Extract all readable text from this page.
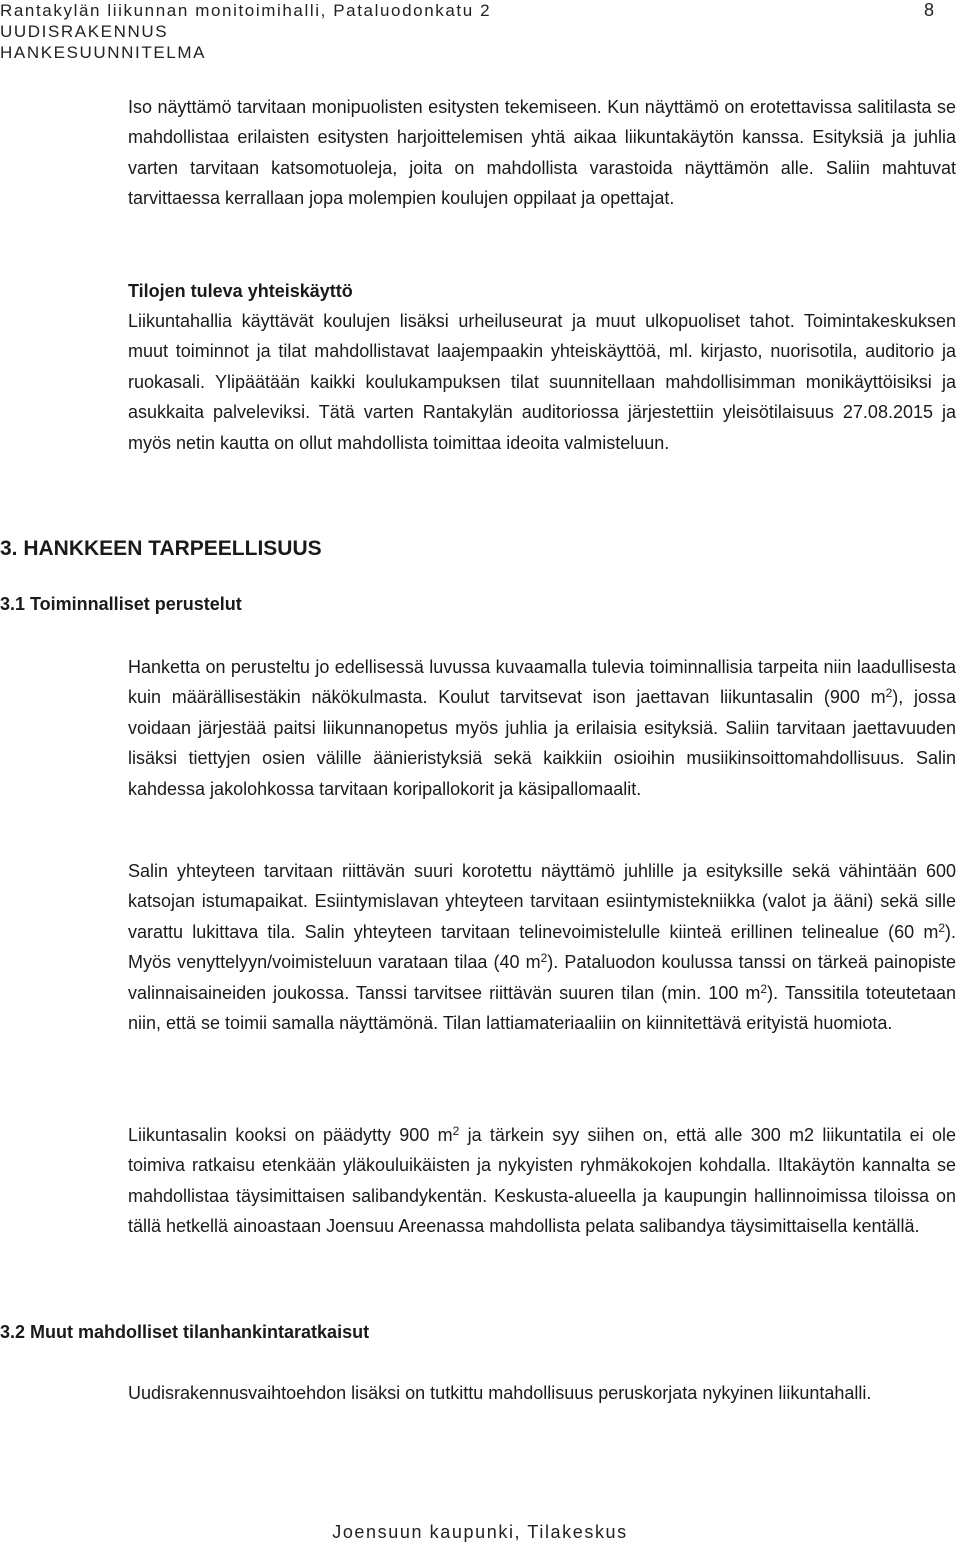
Rantakylän liikunnan monitoimihalli, Pataluodonkatu 2
UUDISRAKENNUS
HANKESUUNNITELMA
8

Iso näyttämö tarvitaan monipuolisten esitysten tekemiseen. Kun näyttämö on erotettavissa salitilasta se mahdollistaa erilaisten esitysten harjoittelemisen yhtä aikaa liikuntakäytön kanssa. Esityksiä ja juhlia varten tarvitaan katsomotuoleja, joita on mahdollista varastoida näyttämön alle. Saliin mahtuvat tarvittaessa kerrallaan jopa molempien koulujen oppilaat ja opettajat.

Tilojen tuleva yhteiskäyttö

Liikuntahallia käyttävät koulujen lisäksi urheiluseurat ja muut ulkopuoliset tahot. Toimintakeskuksen muut toiminnot ja tilat mahdollistavat laajempaakin yhteiskäyttöä, ml. kirjasto, nuorisotila, auditorio ja ruokasali. Ylipäätään kaikki koulukampuksen tilat suunnitellaan mahdollisimman monikäyttöisiksi ja asukkaita palveleviksi. Tätä varten Rantakylän auditoriossa järjestettiin yleisötilaisuus 27.08.2015 ja myös netin kautta on ollut mahdollista toimittaa ideoita valmisteluun.

3. HANKKEEN TARPEELLISUUS
3.1 Toiminnalliset perustelut

Hanketta on perusteltu jo edellisessä luvussa kuvaamalla tulevia toiminnallisia tarpeita niin laadullisesta kuin määrällisestäkin näkökulmasta. Koulut tarvitsevat ison jaettavan liikuntasalin (900 $m^2$), jossa voidaan järjestää paitsi liikunnanopetus myös juhlia ja erilaisia esityksiä. Saliin tarvitaan jaettavuuden lisäksi tiettyjen osien välille äänieristyksiä sekä kaikkiin osioihin musiikinsoittomahdollisuus. Salin kahdessa jakolohkossa tarvitaan koripallokorit ja käsipallomaalit.

Salin yhteyteen tarvitaan riittävän suuri korotettu näyttämö juhlille ja esityksille sekä vähintään 600 katsojan istumapaikat. Esiintymislavan yhteyteen tarvitaan esiintymistekniikka (valot ja ääni) sekä sille varattu lukittava tila. Salin yhteyteen tarvitaan telinevoimistelulle kiinteä erillinen telinealue (60 $m^2$). Myös venyttelyyn/voimisteluun varataan tilaa (40 $m^2$). Pataluodon koulussa tanssi on tärkeä painopiste valinnaisaineiden joukossa. Tanssi tarvitsee riittävän suuren tilan (min. 100 $m^2$). Tanssitila toteutetaan niin, että se toimii samalla näyttämönä. Tilan lattiamateriaaliin on kiinnitettävä erityistä huomiota.

Liikuntasalin kooksi on päädytty 900 $m^2$ ja tärkein syy siihen on, että alle 300 m2 liikuntatila ei ole toimiva ratkaisu etenkään yläkouluikäisten ja nykyisten ryhmäkokojen kohdalla. Iltakäytön kannalta se mahdollistaa täysimittaisen salibandykentän. Keskusta-alueella ja kaupungin hallinnoimissa tiloissa on tällä hetkellä ainoastaan Joensuu Areenassa mahdollista pelata salibandya täysimittaisella kentällä.

3.2 Muut mahdolliset tilanhankintaratkaisut

Uudisrakennusvaihtoehdon lisäksi on tutkittu mahdollisuus peruskorjata nykyinen liikuntahalli.

Joensuun kaupunki, Tilakeskus
